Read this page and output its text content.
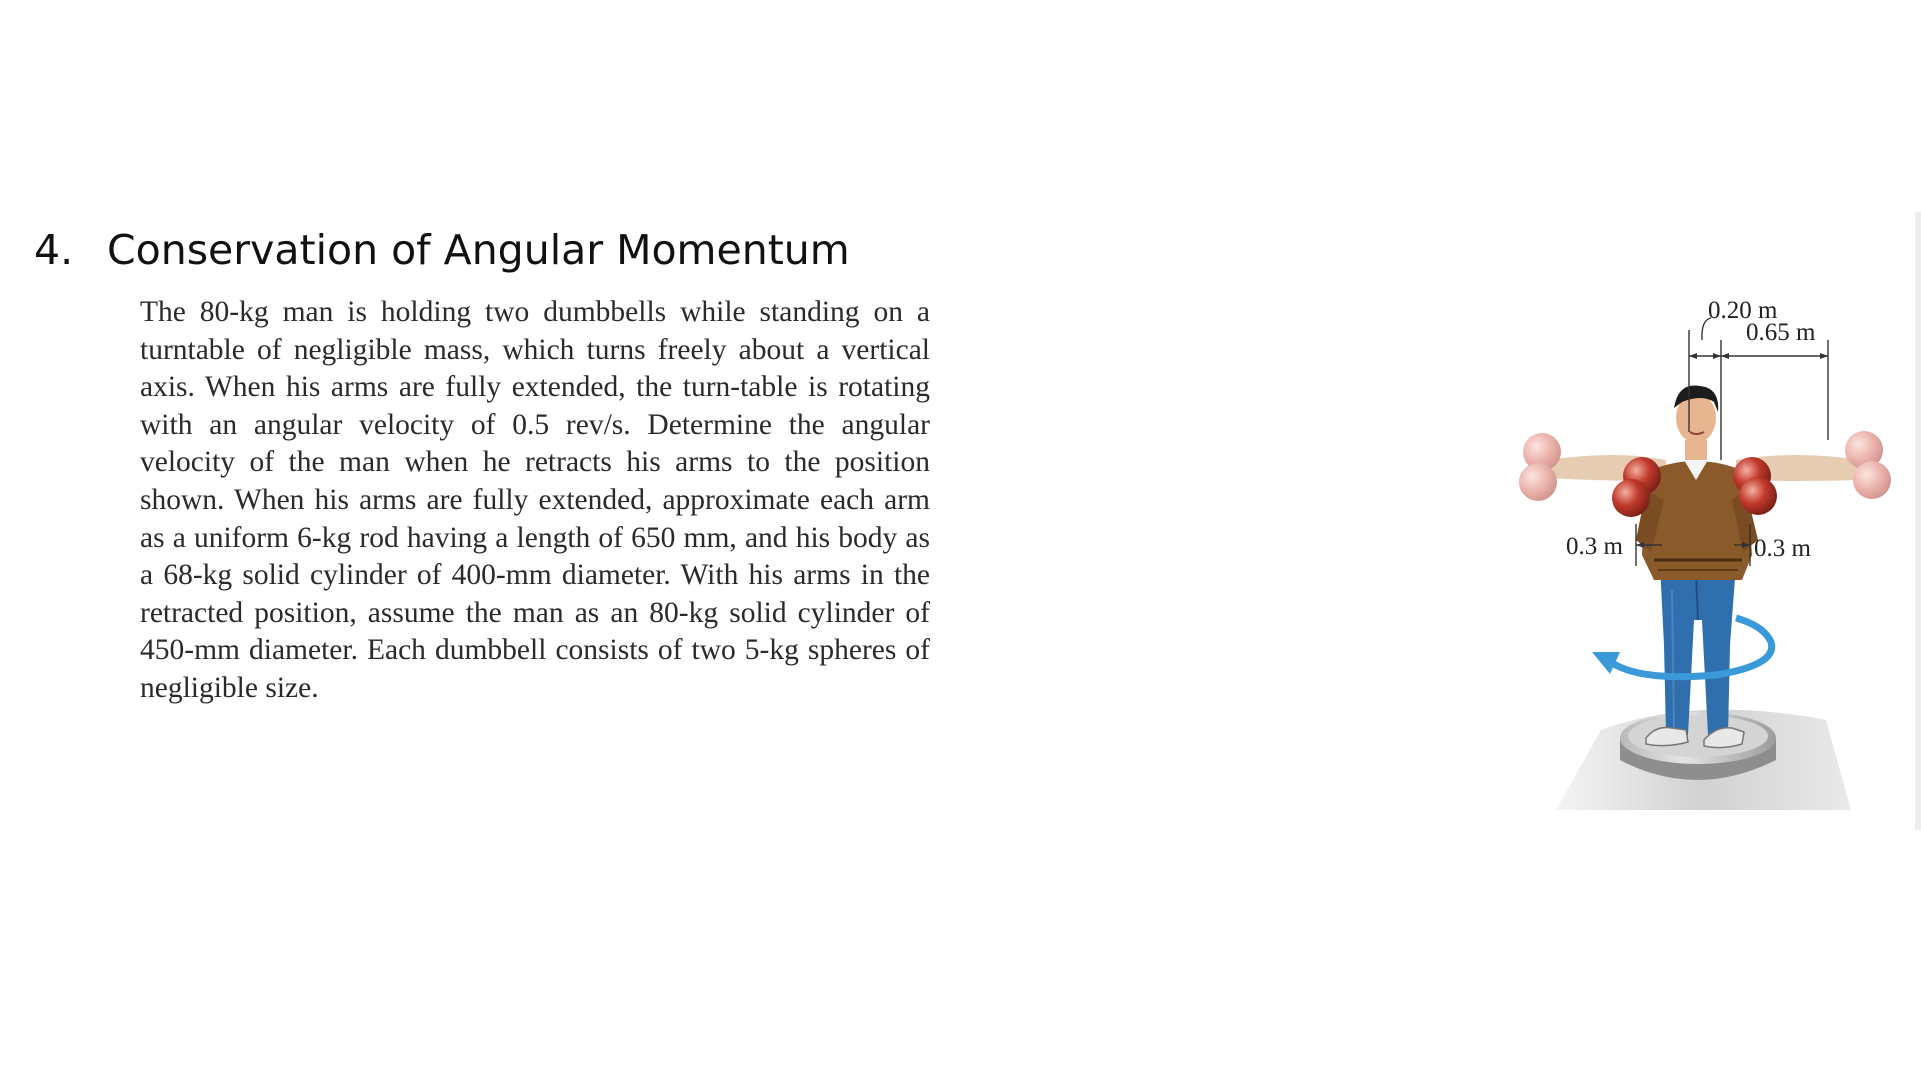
4. Conservation of Angular Momentum

The 80-kg man is holding two dumbbells while standing on a turntable of negligible mass, which turns freely about a vertical axis. When his arms are fully extended, the turn-table is rotating with an angular velocity of 0.5 rev/s. Determine the angular velocity of the man when he retracts his arms to the position shown. When his arms are fully extended, approximate each arm as a uniform 6-kg rod having a length of 650 mm, and his body as a 68-kg solid cylinder of 400-mm diameter. With his arms in the retracted position, assume the man as an 80-kg solid cylinder of 450-mm diameter. Each dumbbell consists of two 5-kg spheres of negligible size.

0.20 m
0.65 m
0.3 m	0.3 m
